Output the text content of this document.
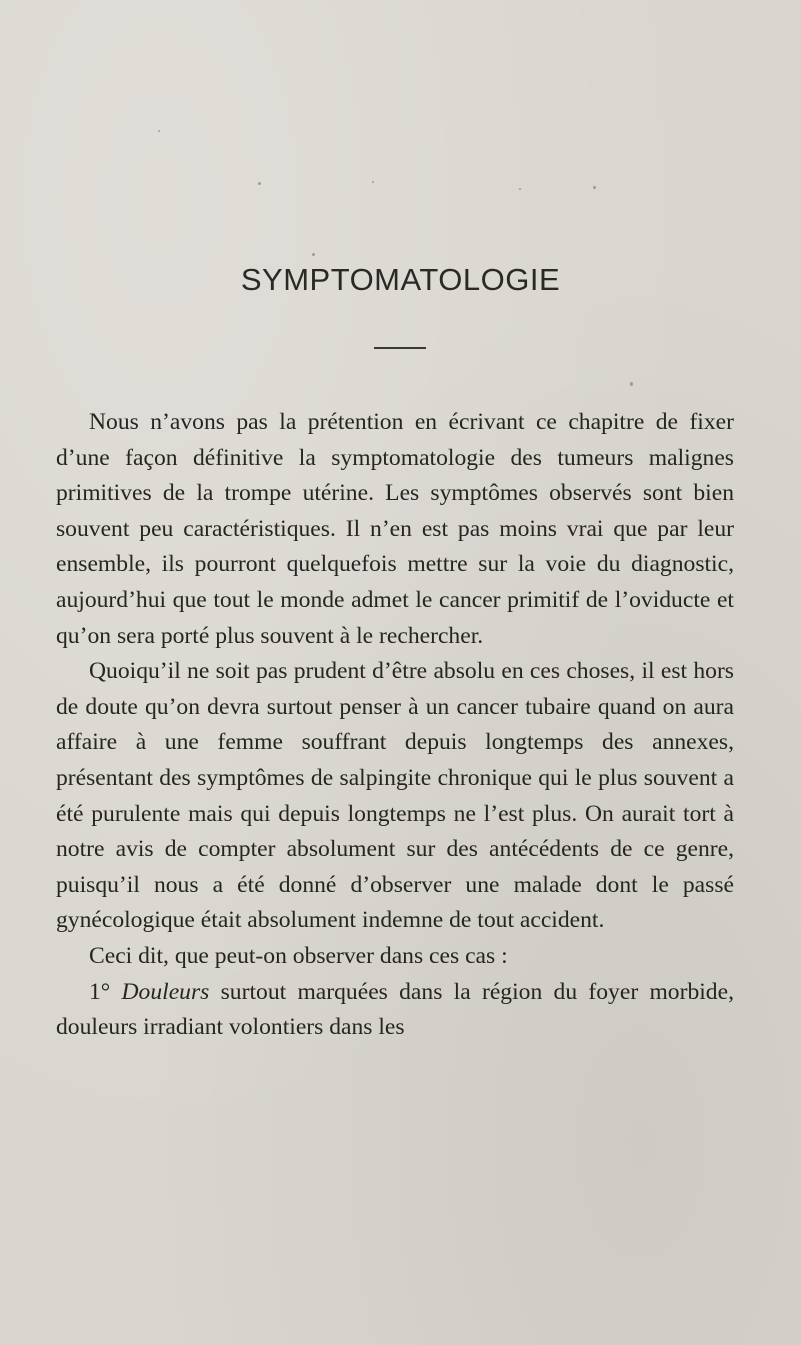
SYMPTOMATOLOGIE

Nous n’avons pas la prétention en écrivant ce chapitre de fixer d’une façon définitive la symptomatologie des tumeurs malignes primitives de la trompe utérine. Les symptômes observés sont bien souvent peu caractéristiques. Il n’en est pas moins vrai que par leur ensemble, ils pourront quelquefois mettre sur la voie du diagnostic, aujourd’hui que tout le monde admet le cancer primitif de l’oviducte et qu’on sera porté plus souvent à le rechercher.

Quoiqu’il ne soit pas prudent d’être absolu en ces choses, il est hors de doute qu’on devra surtout penser à un cancer tubaire quand on aura affaire à une femme souffrant depuis longtemps des annexes, présentant des symptômes de salpingite chronique qui le plus souvent a été purulente mais qui depuis longtemps ne l’est plus. On aurait tort à notre avis de compter absolument sur des antécédents de ce genre, puisqu’il nous a été donné d’observer une malade dont le passé gynécologique était absolument indemne de tout accident.

Ceci dit, que peut-on observer dans ces cas :

1° Douleurs surtout marquées dans la région du foyer morbide, douleurs irradiant volontiers dans les
